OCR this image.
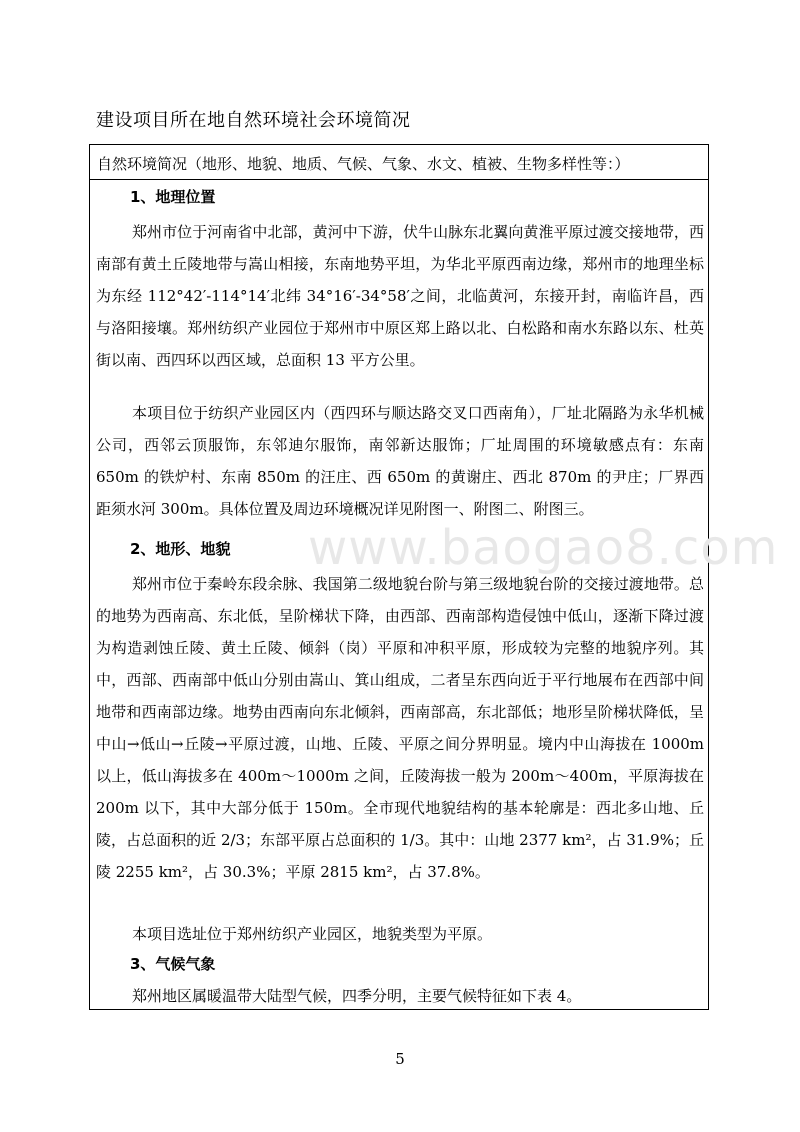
建设项目所在地自然环境社会环境简况
自然环境简况（地形、地貌、地质、气候、气象、水文、植被、生物多样性等：）
www.baogao8.com
1、地理位置

郑州市位于河南省中北部，黄河中下游，伏牛山脉东北翼向黄淮平原过渡交接地带，西南部有黄土丘陵地带与嵩山相接，东南地势平坦，为华北平原西南边缘，郑州市的地理坐标为东经 112°42′-114°14′北纬 34°16′-34°58′之间，北临黄河，东接开封，南临许昌，西与洛阳接壤。郑州纺织产业园位于郑州市中原区郑上路以北、白松路和南水东路以东、杜英街以南、西四环以西区域，总面积 13 平方公里。

本项目位于纺织产业园区内（西四环与顺达路交叉口西南角），厂址北隔路为永华机械公司，西邻云顶服饰，东邻迪尔服饰，南邻新达服饰；厂址周围的环境敏感点有：东南 650m 的铁炉村、东南 850m 的汪庄、西 650m 的黄谢庄、西北 870m 的尹庄；厂界西距须水河 300m。具体位置及周边环境概况详见附图一、附图二、附图三。

2、地形、地貌

郑州市位于秦岭东段余脉、我国第二级地貌台阶与第三级地貌台阶的交接过渡地带。总的地势为西南高、东北低，呈阶梯状下降，由西部、西南部构造侵蚀中低山，逐渐下降过渡为构造剥蚀丘陵、黄土丘陵、倾斜（岗）平原和冲积平原，形成较为完整的地貌序列。其中，西部、西南部中低山分别由嵩山、箕山组成，二者呈东西向近于平行地展布在西部中间地带和西南部边缘。地势由西南向东北倾斜，西南部高，东北部低；地形呈阶梯状降低，呈中山→低山→丘陵→平原过渡，山地、丘陵、平原之间分界明显。境内中山海拔在 1000m 以上，低山海拔多在 400m～1000m 之间，丘陵海拔一般为 200m～400m，平原海拔在 200m 以下，其中大部分低于 150m。全市现代地貌结构的基本轮廓是：西北多山地、丘陵，占总面积的近 2/3；东部平原占总面积的 1/3。其中：山地 2377 km²，占 31.9%；丘陵 2255 km²，占 30.3%；平原 2815 km²，占 37.8%。

本项目选址位于郑州纺织产业园区，地貌类型为平原。

3、气候气象

郑州地区属暖温带大陆型气候，四季分明，主要气候特征如下表 4。

5
